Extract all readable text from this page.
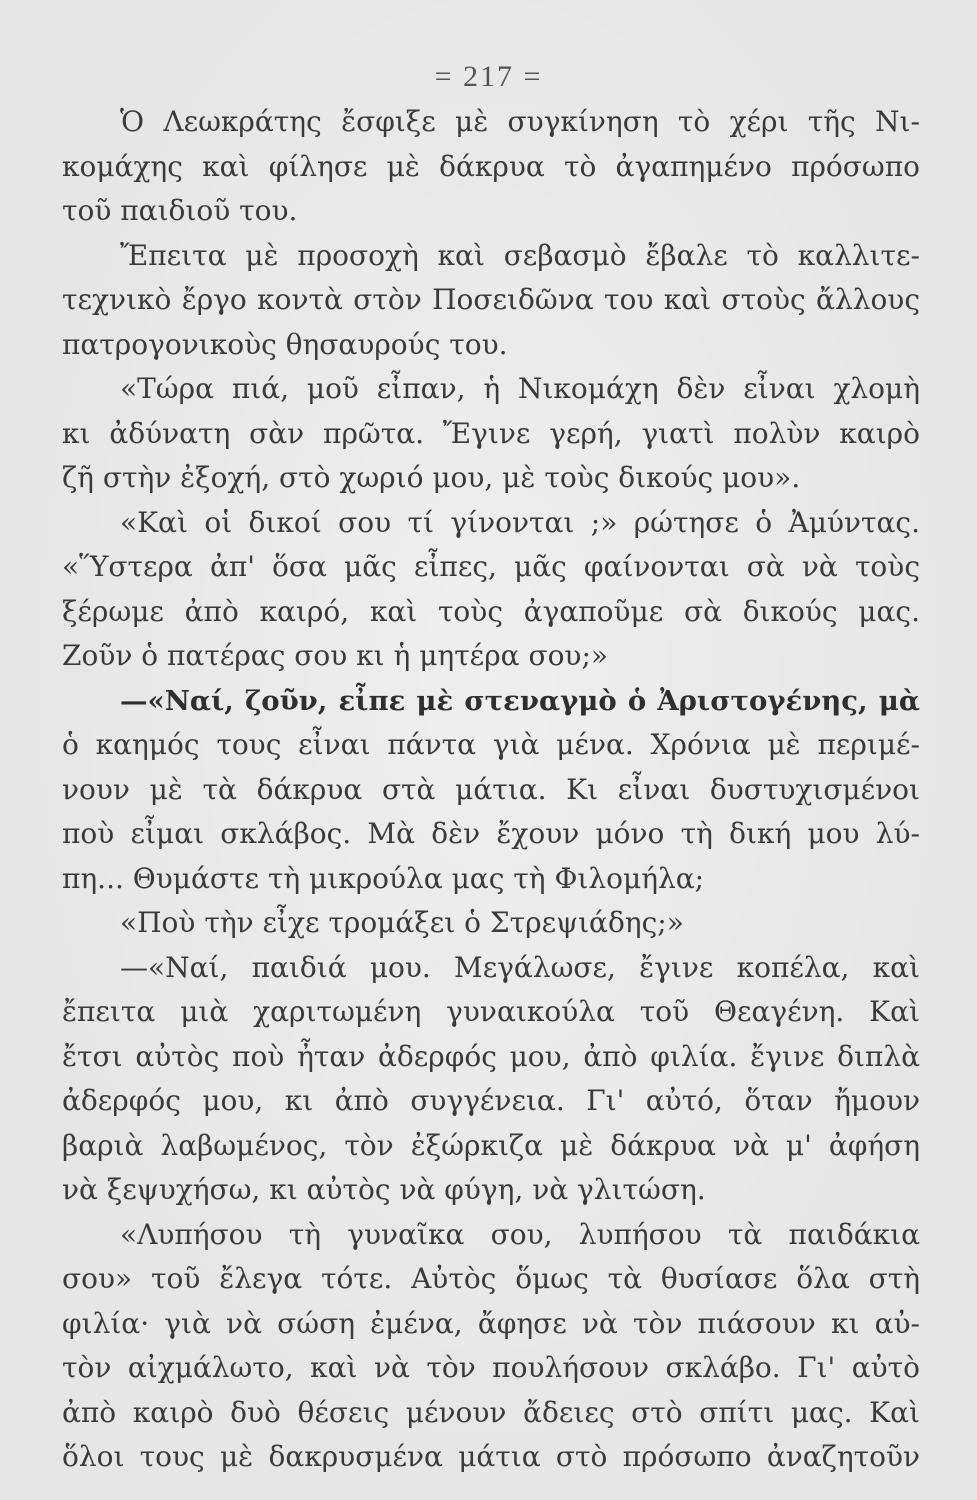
= 217 =
Ὁ Λεωκράτης ἔσφιξε μὲ συγκίνηση τὸ χέρι τῆς Νι-
κομάχης καὶ φίλησε μὲ δάκρυα τὸ ἀγαπημένο πρόσωπο
τοῦ παιδιοῦ του.
Ἔπειτα μὲ προσοχὴ καὶ σεβασμὸ ἔβαλε τὸ καλλιτε-
τεχνικὸ ἔργο κοντὰ στὸν Ποσειδῶνα του καὶ στοὺς ἄλλους
πατρογονικοὺς θησαυρούς του.
«Τώρα πιά, μοῦ εἶπαν, ἡ Νικομάχη δὲν εἶναι χλομὴ
κι ἀδύνατη σὰν πρῶτα. Ἔγινε γερή, γιατὶ πολὺν καιρὸ
ζῆ στὴν ἐξοχή, στὸ χωριό μου, μὲ τοὺς δικούς μου».
«Καὶ οἱ δικοί σου τί γίνονται ;» ρώτησε ὁ Ἀμύντας.
«Ὕστερα ἀπ' ὅσα μᾶς εἶπες, μᾶς φαίνονται σὰ νὰ τοὺς
ξέρωμε ἀπὸ καιρό, καὶ τοὺς ἀγαποῦμε σὰ δικούς μας.
Ζοῦν ὁ πατέρας σου κι ἡ μητέρα σου;»
—«Ναί, ζοῦν, εἶπε μὲ στεναγμὸ ὁ Ἀριστογένης, μὰ
ὁ καημός τους εἶναι πάντα γιὰ μένα. Χρόνια μὲ περιμέ-
νουν μὲ τὰ δάκρυα στὰ μάτια. Κι εἶναι δυστυχισμένοι
ποὺ εἶμαι σκλάβος. Μὰ δὲν ἔχουν μόνο τὴ δική μου λύ-
πη... Θυμάστε τὴ μικρούλα μας τὴ Φιλομήλα;
«Ποὺ τὴν εἶχε τρομάξει ὁ Στρεψιάδης;»
—«Ναί, παιδιά μου. Μεγάλωσε, ἔγινε κοπέλα, καὶ
ἔπειτα μιὰ χαριτωμένη γυναικούλα τοῦ Θεαγένη. Καὶ
ἔτσι αὐτὸς ποὺ ἦταν ἀδερφός μου, ἀπὸ φιλία. ἔγινε διπλὰ
ἀδερφός μου, κι ἀπὸ συγγένεια. Γι' αὐτό, ὅταν ἤμουν
βαριὰ λαβωμένος, τὸν ἐξώρκιζα μὲ δάκρυα νὰ μ' ἀφήση
νὰ ξεψυχήσω, κι αὐτὸς νὰ φύγη, νὰ γλιτώση.
«Λυπήσου τὴ γυναῖκα σου, λυπήσου τὰ παιδάκια
σου» τοῦ ἔλεγα τότε. Αὐτὸς ὅμως τὰ θυσίασε ὅλα στὴ
φιλία· γιὰ νὰ σώση ἐμένα, ἄφησε νὰ τὸν πιάσουν κι αὐ-
τὸν αἰχμάλωτο, καὶ νὰ τὸν πουλήσουν σκλάβο. Γι' αὐτὸ
ἀπὸ καιρὸ δυὸ θέσεις μένουν ἄδειες στὸ σπίτι μας. Καὶ
ὅλοι τους μὲ δακρυσμένα μάτια στὸ πρόσωπο ἀναζητοῦν
